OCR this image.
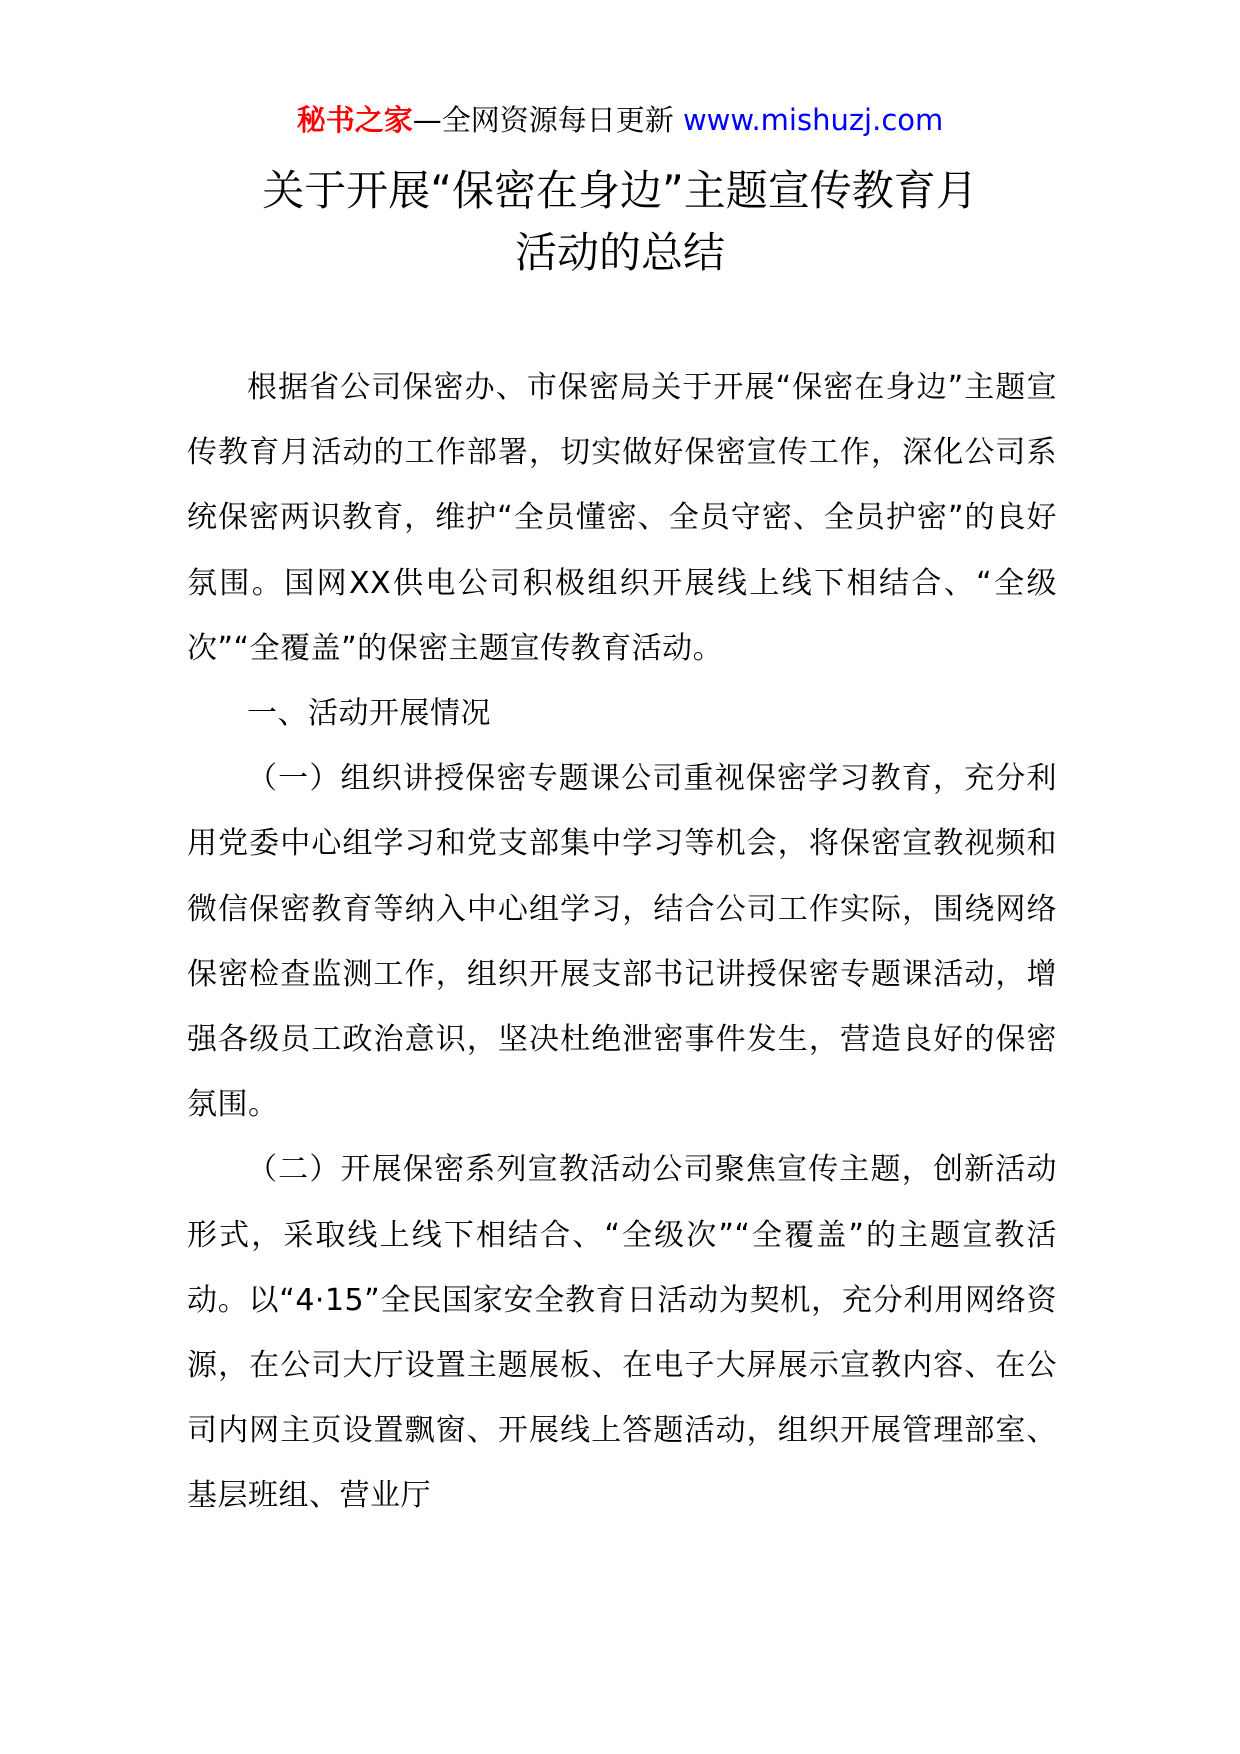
秘书之家—全网资源每日更新 www.mishuzj.com
关于开展“保密在身边”主题宣传教育月
活动的总结

根据省公司保密办、市保密局关于开展“保密在身边”主题宣传教育月活动的工作部署，切实做好保密宣传工作，深化公司系统保密两识教育，维护“全员懂密、全员守密、全员护密”的良好氛围。国网XX供电公司积极组织开展线上线下相结合、“全级次”“全覆盖”的保密主题宣传教育活动。

一、活动开展情况

（一）组织讲授保密专题课公司重视保密学习教育，充分利用党委中心组学习和党支部集中学习等机会，将保密宣教视频和微信保密教育等纳入中心组学习，结合公司工作实际，围绕网络保密检查监测工作，组织开展支部书记讲授保密专题课活动，增强各级员工政治意识，坚决杜绝泄密事件发生，营造良好的保密氛围。

（二）开展保密系列宣教活动公司聚焦宣传主题，创新活动形式，采取线上线下相结合、“全级次”“全覆盖”的主题宣教活动。以“4·15”全民国家安全教育日活动为契机，充分利用网络资源，在公司大厅设置主题展板、在电子大屏展示宣教内容、在公司内网主页设置飘窗、开展线上答题活动，组织开展管理部室、基层班组、营业厅
